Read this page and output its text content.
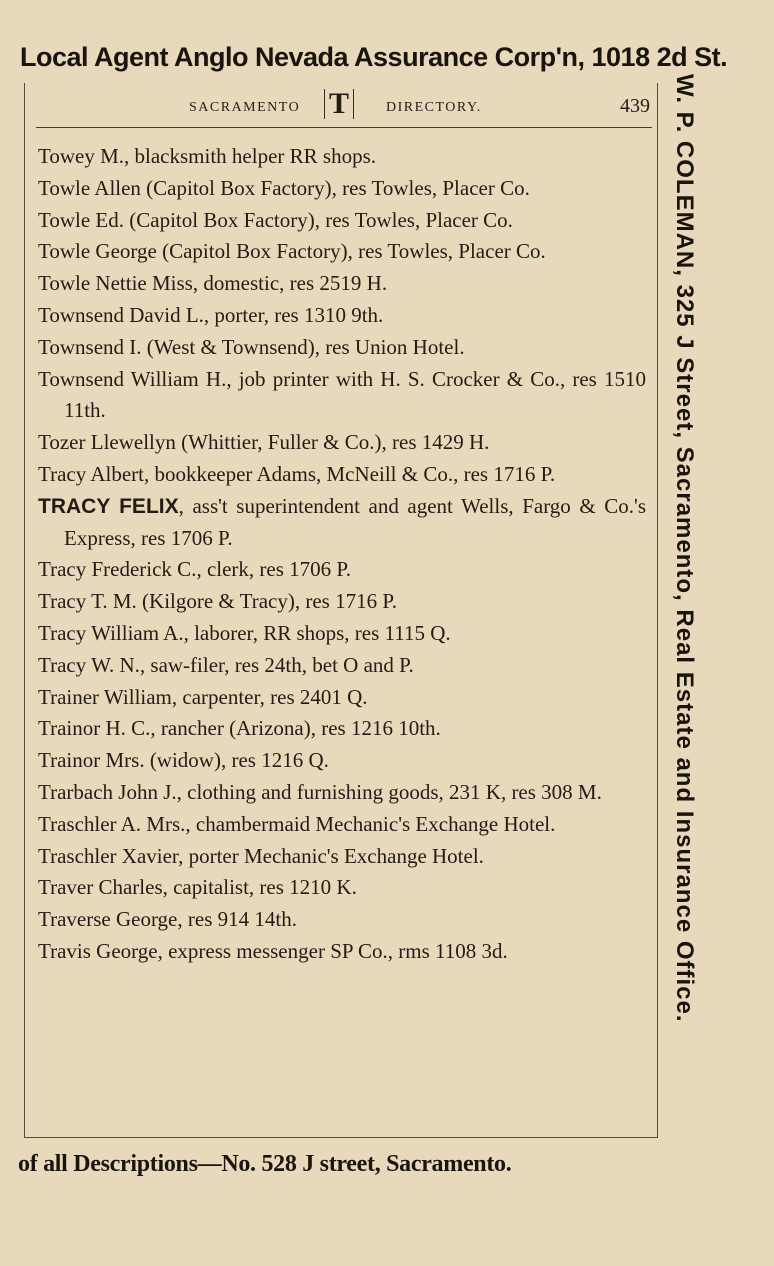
Local Agent Anglo Nevada Assurance Corp'n, 1018 2d St.
SACRAMENTO T	DIRECTORY.	439
Towey M., blacksmith helper RR shops.
Towle Allen (Capitol Box Factory), res Towles, Placer Co.
Towle Ed. (Capitol Box Factory), res Towles, Placer Co.
Towle George (Capitol Box Factory), res Towles, Placer Co.
Towle Nettie Miss, domestic, res 2519 H.
Townsend David L., porter, res 1310 9th.
Townsend I. (West & Townsend), res Union Hotel.
Townsend William H., job printer with H. S. Crocker & Co., res 1510 11th.
Tozer Llewellyn (Whittier, Fuller & Co.), res 1429 H.
Tracy Albert, bookkeeper Adams, McNeill & Co., res 1716 P.
TRACY FELIX, ass't superintendent and agent Wells, Fargo & Co.'s Express, res 1706 P.
Tracy Frederick C., clerk, res 1706 P.
Tracy T. M. (Kilgore & Tracy), res 1716 P.
Tracy William A., laborer, RR shops, res 1115 Q.
Tracy W. N., saw-filer, res 24th, bet O and P.
Trainer William, carpenter, res 2401 Q.
Trainor H. C., rancher (Arizona), res 1216 10th.
Trainor Mrs. (widow), res 1216 Q.
Trarbach John J., clothing and furnishing goods, 231 K, res 308 M.
Traschler A. Mrs., chambermaid Mechanic's Exchange Hotel.
Traschler Xavier, porter Mechanic's Exchange Hotel.
Traver Charles, capitalist, res 1210 K.
Traverse George, res 914 14th.
Travis George, express messenger SP Co., rms 1108 3d.	W. P. COLEMAN, 325 J Street, Sacramento, Real Estate and Insurance Office.
of all Descriptions—No. 528 J street, Sacramento.
